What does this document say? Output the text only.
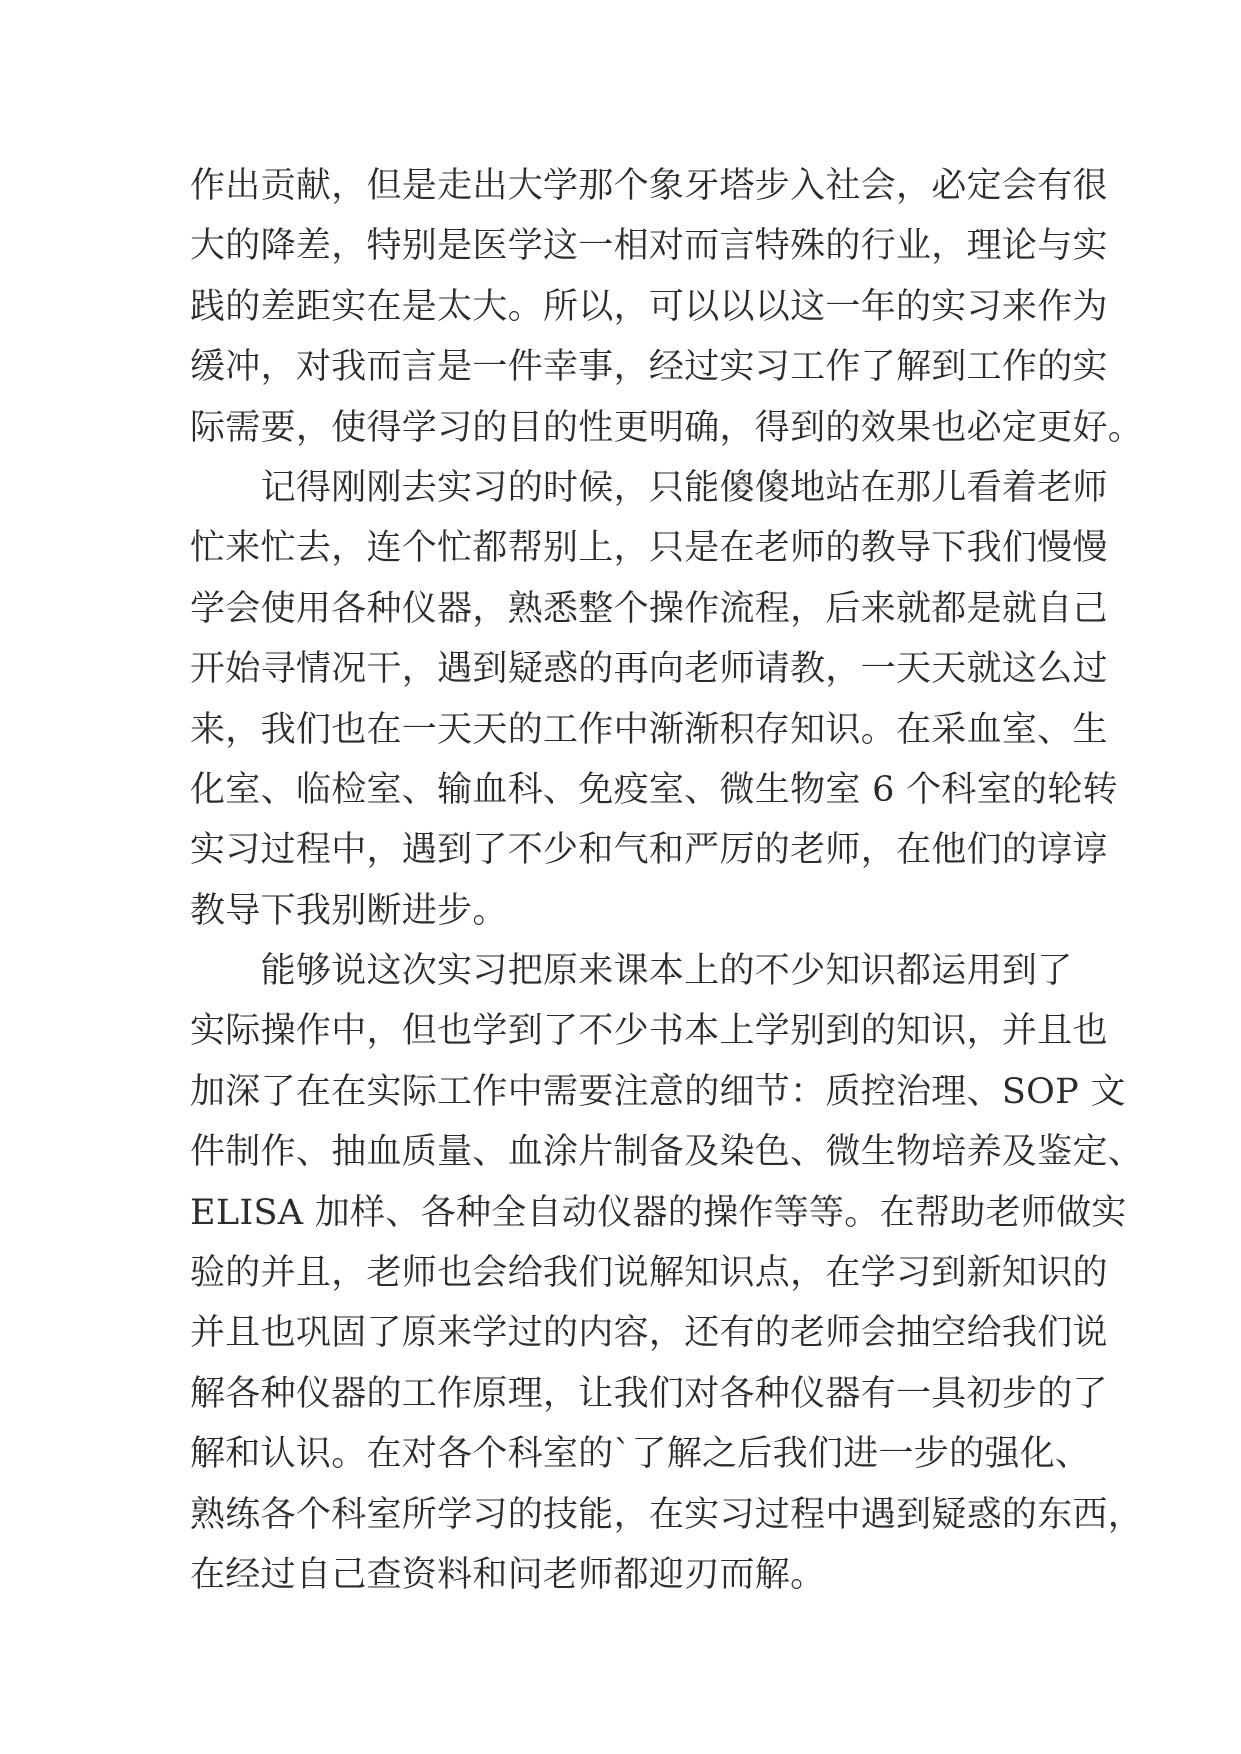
作出贡献，但是走出大学那个象牙塔步入社会，必定会有很
大的降差，特别是医学这一相对而言特殊的行业，理论与实
践的差距实在是太大。所以，可以以以这一年的实习来作为
缓冲，对我而言是一件幸事，经过实习工作了解到工作的实
际需要，使得学习的目的性更明确，得到的效果也必定更好。
　　记得刚刚去实习的时候，只能傻傻地站在那儿看着老师
忙来忙去，连个忙都帮别上，只是在老师的教导下我们慢慢
学会使用各种仪器，熟悉整个操作流程，后来就都是就自己
开始寻情况干，遇到疑惑的再向老师请教，一天天就这么过
来，我们也在一天天的工作中渐渐积存知识。在采血室、生
化室、临检室、输血科、免疫室、微生物室 6 个科室的轮转
实习过程中，遇到了不少和气和严厉的老师，在他们的谆谆
教导下我别断进步。
　　能够说这次实习把原来课本上的不少知识都运用到了
实际操作中，但也学到了不少书本上学别到的知识，并且也
加深了在在实际工作中需要注意的细节：质控治理、SOP 文
件制作、抽血质量、血涂片制备及染色、微生物培养及鉴定、
ELISA 加样、各种全自动仪器的操作等等。在帮助老师做实
验的并且，老师也会给我们说解知识点，在学习到新知识的
并且也巩固了原来学过的内容，还有的老师会抽空给我们说
解各种仪器的工作原理，让我们对各种仪器有一具初步的了
解和认识。在对各个科室的`了解之后我们进一步的强化、
熟练各个科室所学习的技能，在实习过程中遇到疑惑的东西，
在经过自己查资料和问老师都迎刃而解。
